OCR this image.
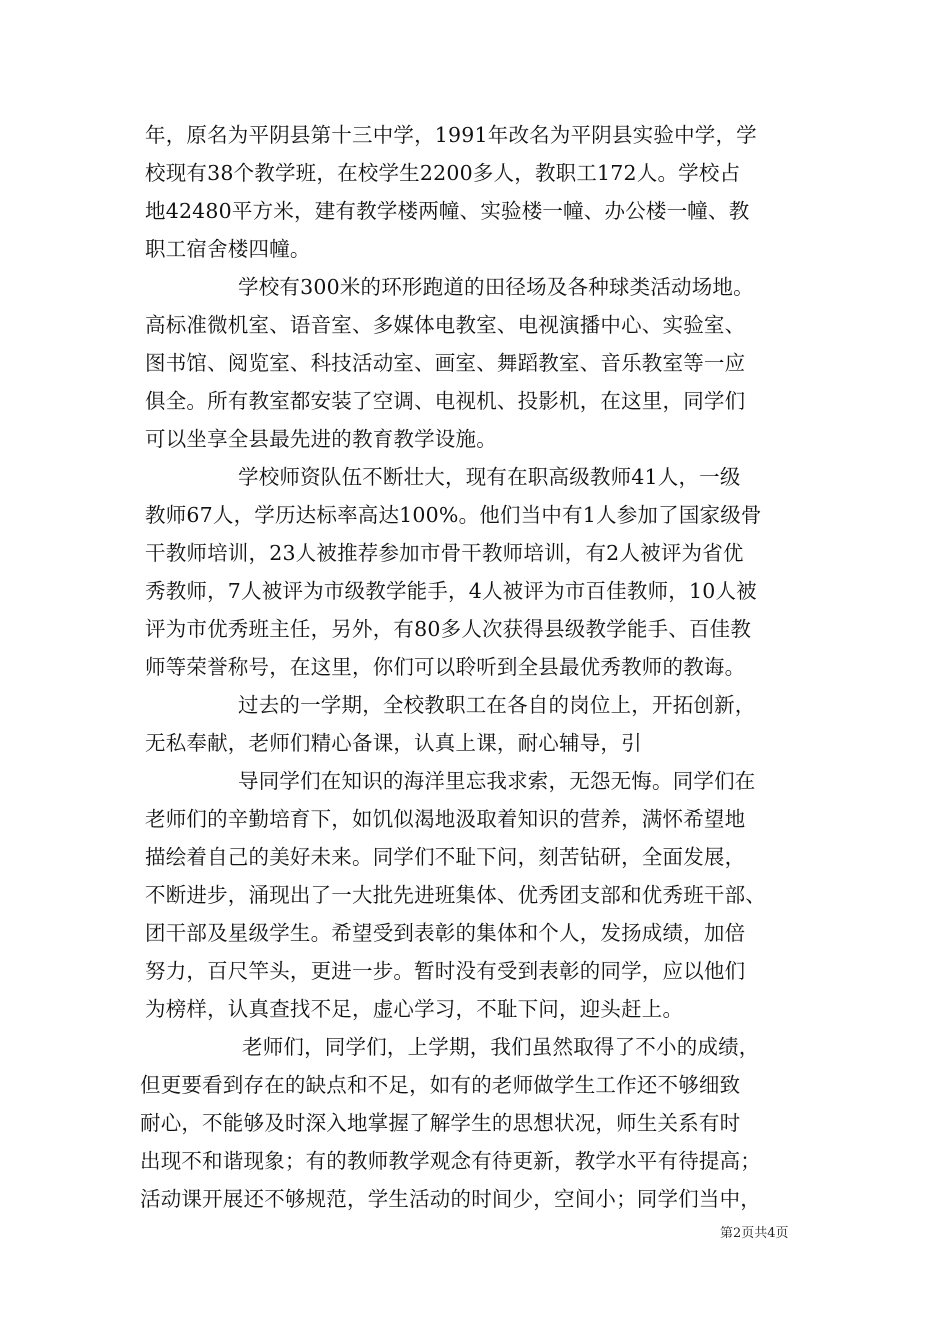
年，原名为平阴县第十三中学，1991年改名为平阴县实验中学，学
校现有38个教学班，在校学生2200多人，教职工172人。学校占
地42480平方米，建有教学楼两幢、实验楼一幢、办公楼一幢、教
职工宿舍楼四幢。
学校有300米的环形跑道的田径场及各种球类活动场地。
高标准微机室、语音室、多媒体电教室、电视演播中心、实验室、
图书馆、阅览室、科技活动室、画室、舞蹈教室、音乐教室等一应
俱全。所有教室都安装了空调、电视机、投影机，在这里，同学们
可以坐享全县最先进的教育教学设施。
学校师资队伍不断壮大，现有在职高级教师41人，一级
教师67人，学历达标率高达100%。他们当中有1人参加了国家级骨
干教师培训，23人被推荐参加市骨干教师培训，有2人被评为省优
秀教师，7人被评为市级教学能手，4人被评为市百佳教师，10人被
评为市优秀班主任，另外，有80多人次获得县级教学能手、百佳教
师等荣誉称号，在这里，你们可以聆听到全县最优秀教师的教诲。
过去的一学期，全校教职工在各自的岗位上，开拓创新，
无私奉献，老师们精心备课，认真上课，耐心辅导，引
导同学们在知识的海洋里忘我求索，无怨无悔。同学们在
老师们的辛勤培育下，如饥似渴地汲取着知识的营养，满怀希望地
描绘着自己的美好未来。同学们不耻下问，刻苦钻研，全面发展，
不断进步，涌现出了一大批先进班集体、优秀团支部和优秀班干部、
团干部及星级学生。希望受到表彰的集体和个人，发扬成绩，加倍
努力，百尺竿头，更进一步。暂时没有受到表彰的同学，应以他们
为榜样，认真查找不足，虚心学习，不耻下问，迎头赶上。
老师们，同学们，上学期，我们虽然取得了不小的成绩，
但更要看到存在的缺点和不足，如有的老师做学生工作还不够细致
耐心，不能够及时深入地掌握了解学生的思想状况，师生关系有时
出现不和谐现象；有的教师教学观念有待更新，教学水平有待提高；
活动课开展还不够规范，学生活动的时间少，空间小；同学们当中，
第2页共4页
